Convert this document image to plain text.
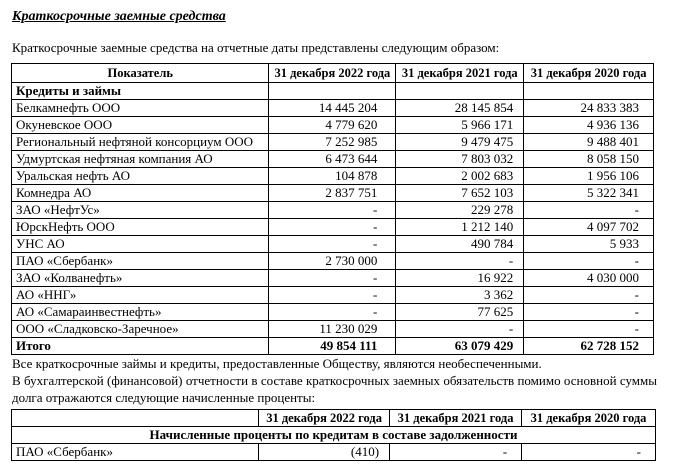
Краткосрочные заемные средства
Краткосрочные заемные средства на отчетные даты представлены следующим образом:
Показатель	31 декабря 2022 года	31 декабря 2021 года	31 декабря 2020 года
Кредиты и займы			
Белкамнефть ООО	14 445 204	28 145 854	24 833 383
Окуневское ООО	4 779 620	5 966 171	4 936 136
Региональный нефтяной консорциум ООО	7 252 985	9 479 475	9 488 401
Удмуртская нефтяная компания АО	6 473 644	7 803 032	8 058 150
Уральская нефть АО	104 878	2 002 683	1 956 106
Комнедра АО	2 837 751	7 652 103	5 322 341
ЗАО «НефтУс»	-	229 278	-
ЮрскНефть ООО	-	1 212 140	4 097 702
УНС АО	-	490 784	5 933
ПАО «Сбербанк»	2 730 000	-	-
ЗАО «Колванефть»	-	16 922	4 030 000
АО «ННГ»	-	3 362	-
АО «Самараинвестнефть»	-	77 625	-
ООО «Сладковско-Заречное»	11 230 029	-	-
Итого	49 854 111	63 079 429	62 728 152
Все краткосрочные займы и кредиты, предоставленные Обществу, являются необеспеченными.
В бухгалтерской (финансовой) отчетности в составе краткосрочных заемных обязательств помимо основной суммы долга отражаются следующие начисленные проценты:
	31 декабря 2022 года	31 декабря 2021 года	31 декабря 2020 года
Начисленные проценты по кредитам в составе задолженности			
ПАО «Сбербанк»	(410)	-	-
